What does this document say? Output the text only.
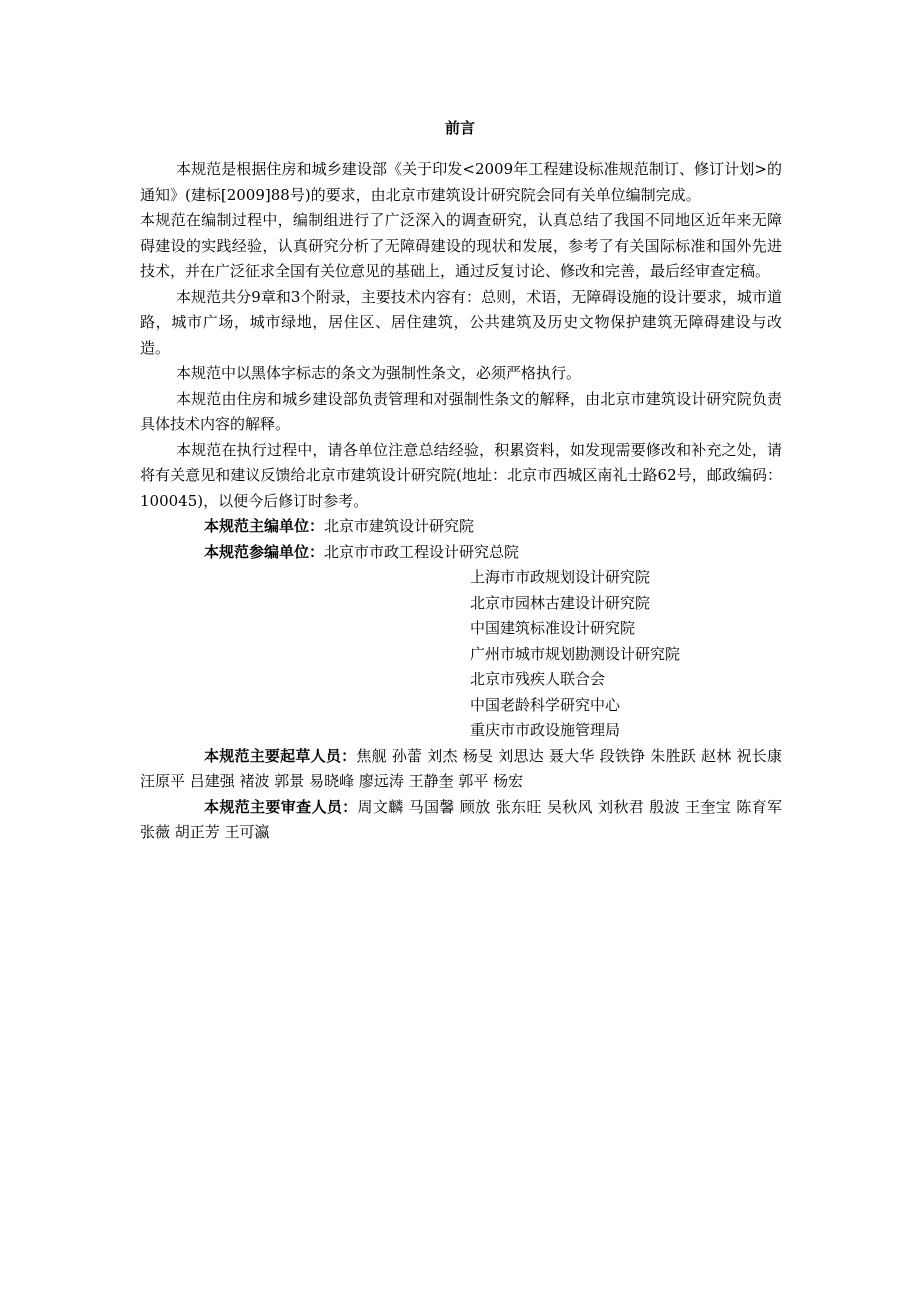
前言

本规范是根据住房和城乡建设部《关于印发<2009年工程建设标准规范制订、修订计划>的通知》(建标[2009]88号)的要求，由北京市建筑设计研究院会同有关单位编制完成。

本规范在编制过程中，编制组进行了广泛深入的调查研究，认真总结了我国不同地区近年来无障碍建设的实践经验，认真研究分析了无障碍建设的现状和发展，参考了有关国际标准和国外先进技术，并在广泛征求全国有关位意见的基础上，通过反复讨论、修改和完善，最后经审查定稿。

本规范共分9章和3个附录，主要技术内容有：总则，术语，无障碍设施的设计要求，城市道路，城市广场，城市绿地，居住区、居住建筑，公共建筑及历史文物保护建筑无障碍建设与改造。

本规范中以黑体字标志的条文为强制性条文，必须严格执行。

本规范由住房和城乡建设部负责管理和对强制性条文的解释，由北京市建筑设计研究院负责具体技术内容的解释。

本规范在执行过程中，请各单位注意总结经验，积累资料，如发现需要修改和补充之处，请将有关意见和建议反馈给北京市建筑设计研究院(地址：北京市西城区南礼士路62号，邮政编码：100045)，以便今后修订时参考。

本规范主编单位：北京市建筑设计研究院

本规范参编单位：北京市市政工程设计研究总院

上海市市政规划设计研究院

北京市园林古建设计研究院

中国建筑标准设计研究院

广州市城市规划勘测设计研究院

北京市残疾人联合会

中国老龄科学研究中心

重庆市市政设施管理局

本规范主要起草人员：焦舰 孙蕾 刘杰 杨旻 刘思达 聂大华 段铁铮 朱胜跃 赵林 祝长康 汪原平 吕建强 褚波 郭景 易晓峰 廖远涛 王静奎 郭平 杨宏

本规范主要审查人员：周文麟 马国馨 顾放 张东旺 吴秋风 刘秋君 殷波 王奎宝 陈育军 张薇 胡正芳 王可瀛
